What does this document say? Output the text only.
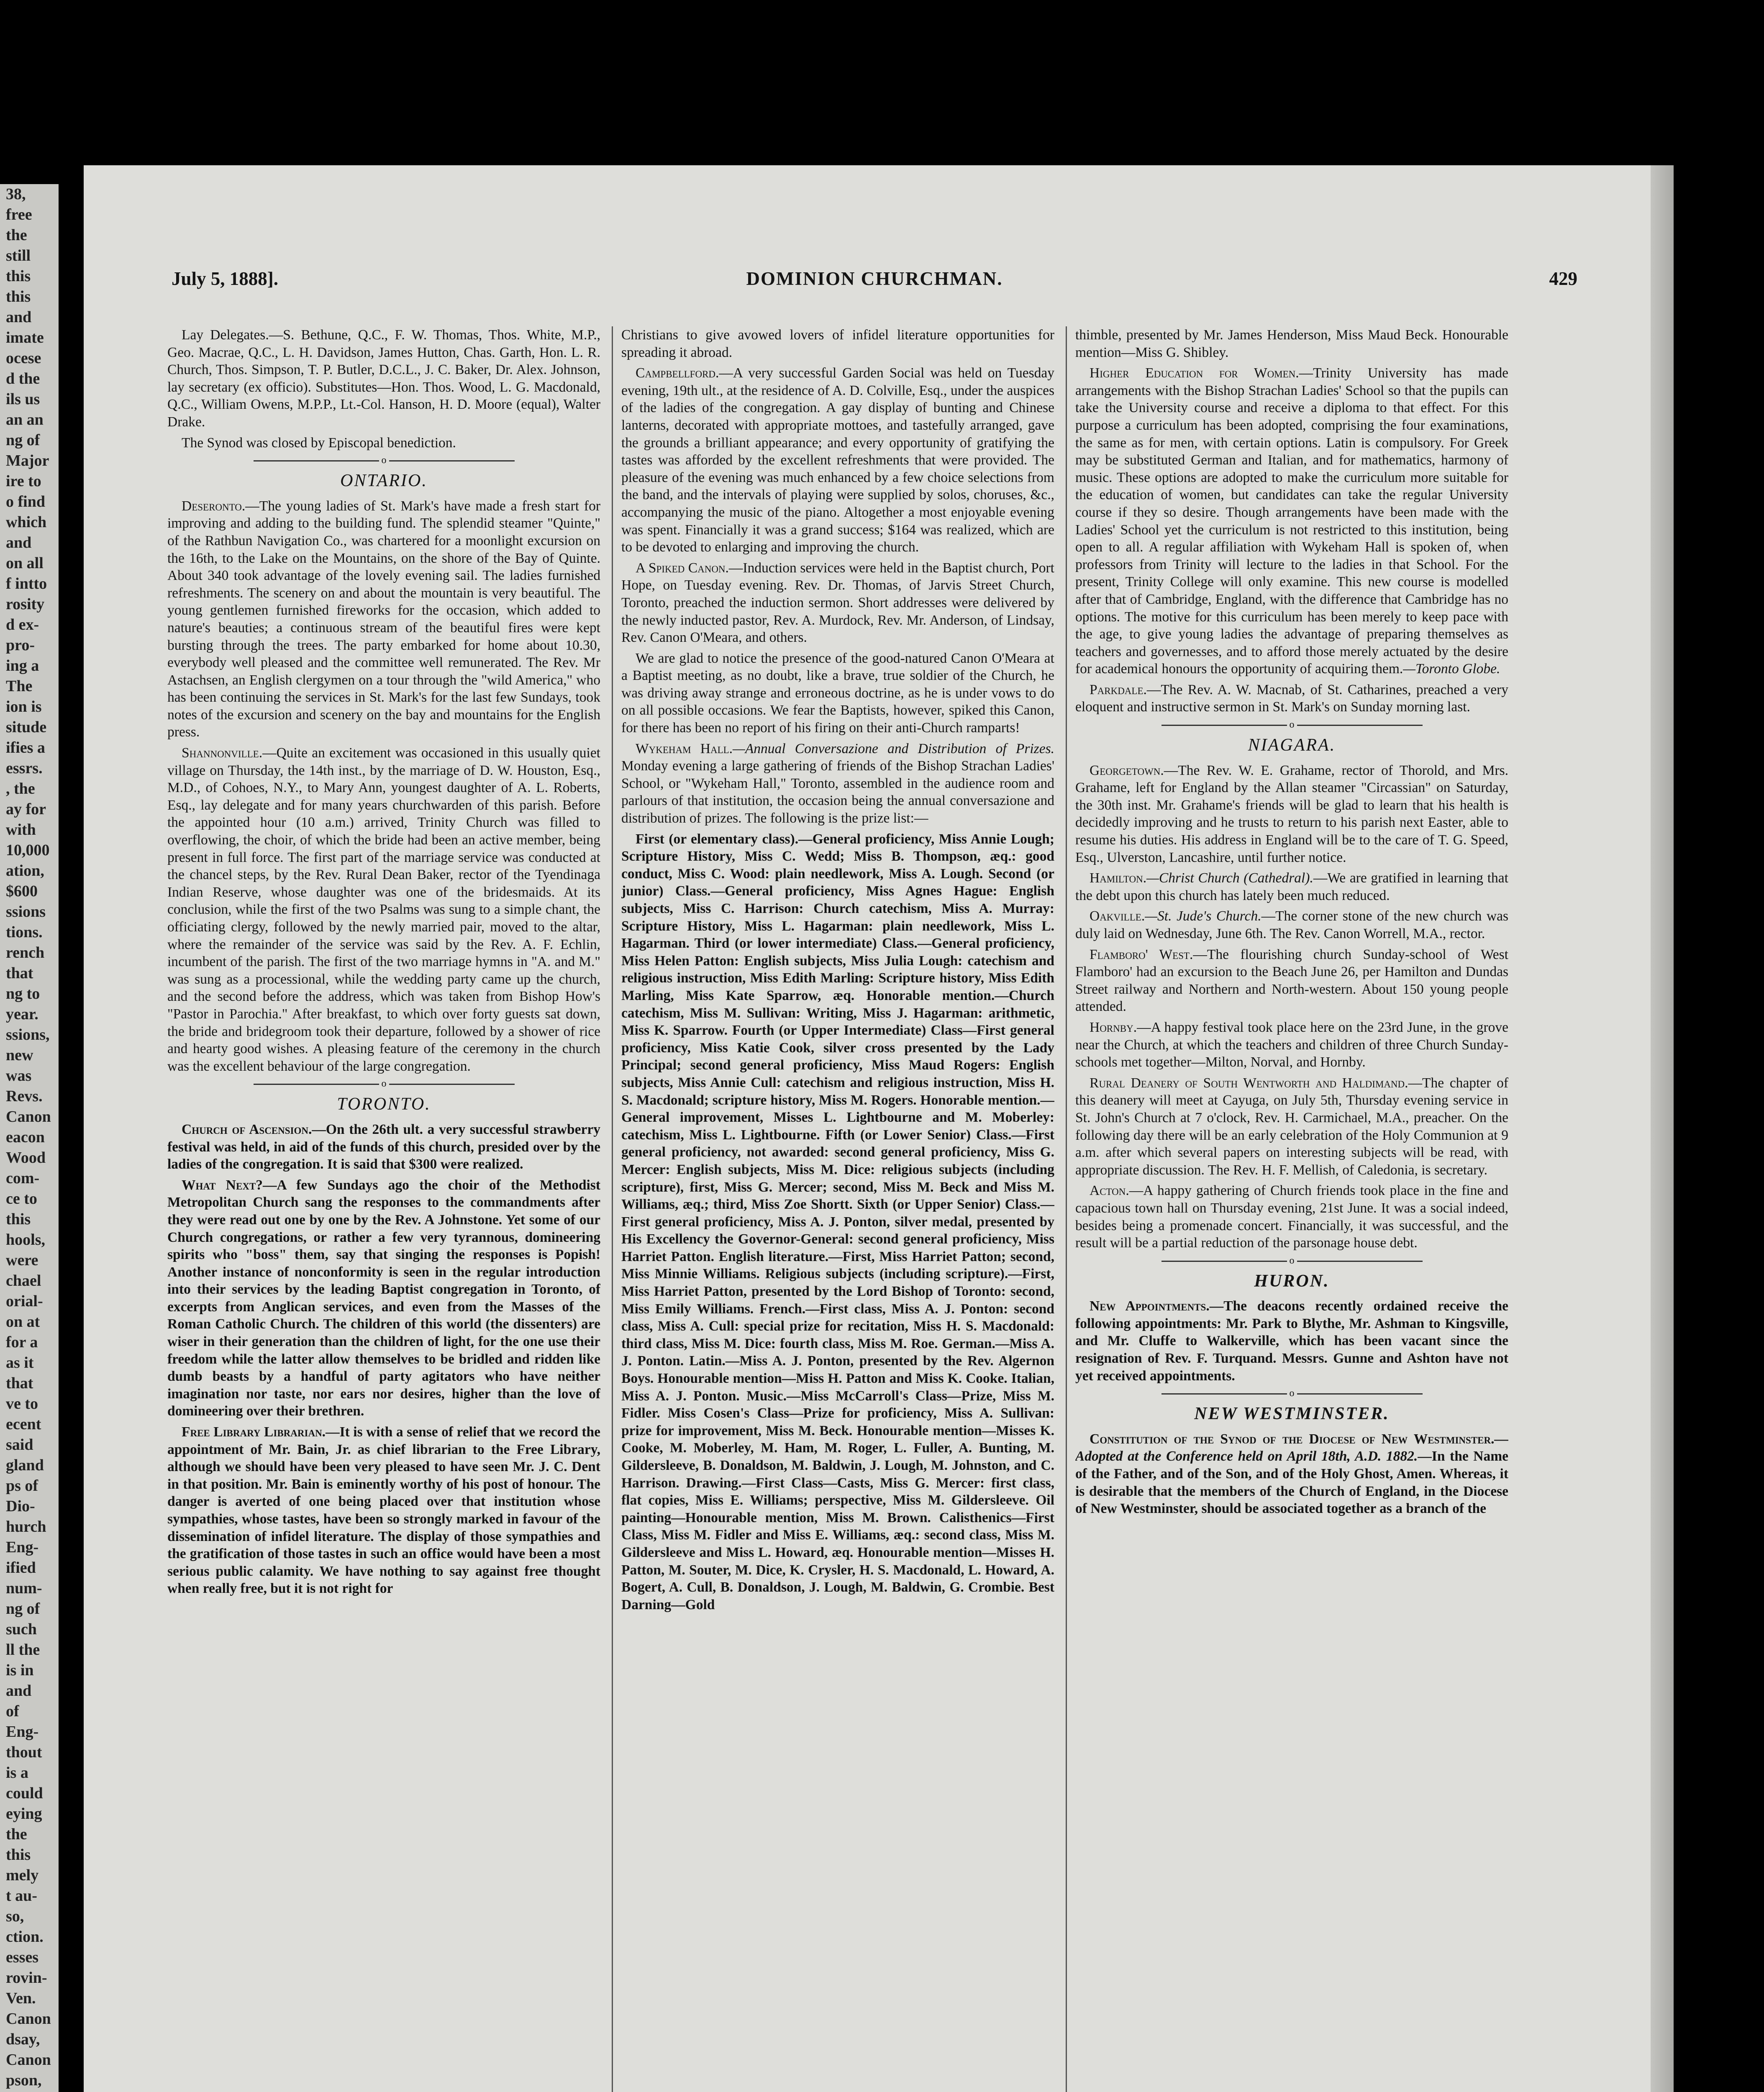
38,
free
the
still
this
this
and
imate
ocese
d the
ils us
an an
ng of
Major
ire to
o find
which
and
on all
f intto
rosity
d ex-
pro-
ing a
The
ion is
situde
ifies a
essrs.
, the
ay for
with
10,000
ation,
$600
ssions
tions.
rench
that
ng to
year.
ssions,
new
was
Revs.
Canon
eacon
Wood
com-
ce to
this
hools,
were
chael
orial-
on at
for a
as it
that
ve to
ecent
said
gland
ps of
Dio-
hurch
Eng-
ified
num-
ng of
such
ll the
is in
and
of
Eng-
thout
is a
could
eying
the
this
mely
t au-
so,
ction.
esses
rovin-
Ven.
Canon
dsay,
Canon
pson,
July 5, 1888].	DOMINION CHURCHMAN.	429

Lay Delegates.—S. Bethune, Q.C., F. W. Thomas, Thos. White, M.P., Geo. Macrae, Q.C., L. H. Davidson, James Hutton, Chas. Garth, Hon. L. R. Church, Thos. Simpson, T. P. Butler, D.C.L., J. C. Baker, Dr. Alex. Johnson, lay secretary (ex officio). Substitutes—Hon. Thos. Wood, L. G. Macdonald, Q.C., William Owens, M.P.P., Lt.-Col. Hanson, H. D. Moore (equal), Walter Drake.

The Synod was closed by Episcopal benediction.

o
ONTARIO.

Deseronto.—The young ladies of St. Mark's have made a fresh start for improving and adding to the building fund. The splendid steamer "Quinte," of the Rathbun Navigation Co., was chartered for a moonlight excursion on the 16th, to the Lake on the Mountains, on the shore of the Bay of Quinte. About 340 took advantage of the lovely evening sail. The ladies furnished refreshments. The scenery on and about the mountain is very beautiful. The young gentlemen furnished fireworks for the occasion, which added to nature's beauties; a continuous stream of the beautiful fires were kept bursting through the trees. The party embarked for home about 10.30, everybody well pleased and the committee well remunerated. The Rev. Mr Astachsen, an English clergymen on a tour through the "wild America," who has been continuing the services in St. Mark's for the last few Sundays, took notes of the excursion and scenery on the bay and mountains for the English press.

Shannonville.—Quite an excitement was occasioned in this usually quiet village on Thursday, the 14th inst., by the marriage of D. W. Houston, Esq., M.D., of Cohoes, N.Y., to Mary Ann, youngest daughter of A. L. Roberts, Esq., lay delegate and for many years churchwarden of this parish. Before the appointed hour (10 a.m.) arrived, Trinity Church was filled to overflowing, the choir, of which the bride had been an active member, being present in full force. The first part of the marriage service was conducted at the chancel steps, by the Rev. Rural Dean Baker, rector of the Tyendinaga Indian Reserve, whose daughter was one of the bridesmaids. At its conclusion, while the first of the two Psalms was sung to a simple chant, the officiating clergy, followed by the newly married pair, moved to the altar, where the remainder of the service was said by the Rev. A. F. Echlin, incumbent of the parish. The first of the two marriage hymns in "A. and M." was sung as a processional, while the wedding party came up the church, and the second before the address, which was taken from Bishop How's "Pastor in Parochia." After breakfast, to which over forty guests sat down, the bride and bridegroom took their departure, followed by a shower of rice and hearty good wishes. A pleasing feature of the ceremony in the church was the excellent behaviour of the large congregation.

o
TORONTO.

Church of Ascension.—On the 26th ult. a very successful strawberry festival was held, in aid of the funds of this church, presided over by the ladies of the congregation. It is said that $300 were realized.

What Next?—A few Sundays ago the choir of the Methodist Metropolitan Church sang the responses to the commandments after they were read out one by one by the Rev. A Johnstone. Yet some of our Church congregations, or rather a few very tyrannous, domineering spirits who "boss" them, say that singing the responses is Popish! Another instance of nonconformity is seen in the regular introduction into their services by the leading Baptist congregation in Toronto, of excerpts from Anglican services, and even from the Masses of the Roman Catholic Church. The children of this world (the dissenters) are wiser in their generation than the children of light, for the one use their freedom while the latter allow themselves to be bridled and ridden like dumb beasts by a handful of party agitators who have neither imagination nor taste, nor ears nor desires, higher than the love of domineering over their brethren.

Free Library Librarian.—It is with a sense of relief that we record the appointment of Mr. Bain, Jr. as chief librarian to the Free Library, although we should have been very pleased to have seen Mr. J. C. Dent in that position. Mr. Bain is eminently worthy of his post of honour. The danger is averted of one being placed over that institution whose sympathies, whose tastes, have been so strongly marked in favour of the dissemination of infidel literature. The display of those sympathies and the gratification of those tastes in such an office would have been a most serious public calamity. We have nothing to say against free thought when really free, but it is not right for

Christians to give avowed lovers of infidel literature opportunities for spreading it abroad.

Campbellford.—A very successful Garden Social was held on Tuesday evening, 19th ult., at the residence of A. D. Colville, Esq., under the auspices of the ladies of the congregation. A gay display of bunting and Chinese lanterns, decorated with appropriate mottoes, and tastefully arranged, gave the grounds a brilliant appearance; and every opportunity of gratifying the tastes was afforded by the excellent refreshments that were provided. The pleasure of the evening was much enhanced by a few choice selections from the band, and the intervals of playing were supplied by solos, choruses, &c., accompanying the music of the piano. Altogether a most enjoyable evening was spent. Financially it was a grand success; $164 was realized, which are to be devoted to enlarging and improving the church.

A Spiked Canon.—Induction services were held in the Baptist church, Port Hope, on Tuesday evening. Rev. Dr. Thomas, of Jarvis Street Church, Toronto, preached the induction sermon. Short addresses were delivered by the newly inducted pastor, Rev. A. Murdock, Rev. Mr. Anderson, of Lindsay, Rev. Canon O'Meara, and others.

We are glad to notice the presence of the good-natured Canon O'Meara at a Baptist meeting, as no doubt, like a brave, true soldier of the Church, he was driving away strange and erroneous doctrine, as he is under vows to do on all possible occasions. We fear the Baptists, however, spiked this Canon, for there has been no report of his firing on their anti-Church ramparts!

Wykeham Hall.—Annual Conversazione and Distribution of Prizes. Monday evening a large gathering of friends of the Bishop Strachan Ladies' School, or "Wykeham Hall," Toronto, assembled in the audience room and parlours of that institution, the occasion being the annual conversazione and distribution of prizes. The following is the prize list:—

First (or elementary class).—General proficiency, Miss Annie Lough; Scripture History, Miss C. Wedd; Miss B. Thompson, æq.: good conduct, Miss C. Wood: plain needlework, Miss A. Lough. Second (or junior) Class.—General proficiency, Miss Agnes Hague: English subjects, Miss C. Harrison: Church catechism, Miss A. Murray: Scripture History, Miss L. Hagarman: plain needlework, Miss L. Hagarman. Third (or lower intermediate) Class.—General proficiency, Miss Helen Patton: English subjects, Miss Julia Lough: catechism and religious instruction, Miss Edith Marling: Scripture history, Miss Edith Marling, Miss Kate Sparrow, æq. Honorable mention.—Church catechism, Miss M. Sullivan: Writing, Miss J. Hagarman: arithmetic, Miss K. Sparrow. Fourth (or Upper Intermediate) Class—First general proficiency, Miss Katie Cook, silver cross presented by the Lady Principal; second general proficiency, Miss Maud Rogers: English subjects, Miss Annie Cull: catechism and religious instruction, Miss H. S. Macdonald; scripture history, Miss M. Rogers. Honorable mention.—General improvement, Misses L. Lightbourne and M. Moberley: catechism, Miss L. Lightbourne. Fifth (or Lower Senior) Class.—First general proficiency, not awarded: second general proficiency, Miss G. Mercer: English subjects, Miss M. Dice: religious subjects (including scripture), first, Miss G. Mercer; second, Miss M. Beck and Miss M. Williams, æq.; third, Miss Zoe Shortt. Sixth (or Upper Senior) Class.—First general proficiency, Miss A. J. Ponton, silver medal, presented by His Excellency the Governor-General: second general proficiency, Miss Harriet Patton. English literature.—First, Miss Harriet Patton; second, Miss Minnie Williams. Religious subjects (including scripture).—First, Miss Harriet Patton, presented by the Lord Bishop of Toronto: second, Miss Emily Williams. French.—First class, Miss A. J. Ponton: second class, Miss A. Cull: special prize for recitation, Miss H. S. Macdonald: third class, Miss M. Dice: fourth class, Miss M. Roe. German.—Miss A. J. Ponton. Latin.—Miss A. J. Ponton, presented by the Rev. Algernon Boys. Honourable mention—Miss H. Patton and Miss K. Cooke. Italian, Miss A. J. Ponton. Music.—Miss McCarroll's Class—Prize, Miss M. Fidler. Miss Cosen's Class—Prize for proficiency, Miss A. Sullivan: prize for improvement, Miss M. Beck. Honourable mention—Misses K. Cooke, M. Moberley, M. Ham, M. Roger, L. Fuller, A. Bunting, M. Gildersleeve, B. Donaldson, M. Baldwin, J. Lough, M. Johnston, and C. Harrison. Drawing.—First Class—Casts, Miss G. Mercer: first class, flat copies, Miss E. Williams; perspective, Miss M. Gildersleeve. Oil painting—Honourable mention, Miss M. Brown. Calisthenics—First Class, Miss M. Fidler and Miss E. Williams, æq.: second class, Miss M. Gildersleeve and Miss L. Howard, æq. Honourable mention—Misses H. Patton, M. Souter, M. Dice, K. Crysler, H. S. Macdonald, L. Howard, A. Bogert, A. Cull, B. Donaldson, J. Lough, M. Baldwin, G. Crombie. Best Darning—Gold

thimble, presented by Mr. James Henderson, Miss Maud Beck. Honourable mention—Miss G. Shibley.

Higher Education for Women.—Trinity University has made arrangements with the Bishop Strachan Ladies' School so that the pupils can take the University course and receive a diploma to that effect. For this purpose a curriculum has been adopted, comprising the four examinations, the same as for men, with certain options. Latin is compulsory. For Greek may be substituted German and Italian, and for mathematics, harmony of music. These options are adopted to make the curriculum more suitable for the education of women, but candidates can take the regular University course if they so desire. Though arrangements have been made with the Ladies' School yet the curriculum is not restricted to this institution, being open to all. A regular affiliation with Wykeham Hall is spoken of, when professors from Trinity will lecture to the ladies in that School. For the present, Trinity College will only examine. This new course is modelled after that of Cambridge, England, with the difference that Cambridge has no options. The motive for this curriculum has been merely to keep pace with the age, to give young ladies the advantage of preparing themselves as teachers and governesses, and to afford those merely actuated by the desire for academical honours the opportunity of acquiring them.—Toronto Globe.

Parkdale.—The Rev. A. W. Macnab, of St. Catharines, preached a very eloquent and instructive sermon in St. Mark's on Sunday morning last.

o
NIAGARA.

Georgetown.—The Rev. W. E. Grahame, rector of Thorold, and Mrs. Grahame, left for England by the Allan steamer "Circassian" on Saturday, the 30th inst. Mr. Grahame's friends will be glad to learn that his health is decidedly improving and he trusts to return to his parish next Easter, able to resume his duties. His address in England will be to the care of T. G. Speed, Esq., Ulverston, Lancashire, until further notice.

Hamilton.—Christ Church (Cathedral).—We are gratified in learning that the debt upon this church has lately been much reduced.

Oakville.—St. Jude's Church.—The corner stone of the new church was duly laid on Wednesday, June 6th. The Rev. Canon Worrell, M.A., rector.

Flamboro' West.—The flourishing church Sunday-school of West Flamboro' had an excursion to the Beach June 26, per Hamilton and Dundas Street railway and Northern and North-western. About 150 young people attended.

Hornby.—A happy festival took place here on the 23rd June, in the grove near the Church, at which the teachers and children of three Church Sunday-schools met together—Milton, Norval, and Hornby.

Rural Deanery of South Wentworth and Haldimand.—The chapter of this deanery will meet at Cayuga, on July 5th, Thursday evening service in St. John's Church at 7 o'clock, Rev. H. Carmichael, M.A., preacher. On the following day there will be an early celebration of the Holy Communion at 9 a.m. after which several papers on interesting subjects will be read, with appropriate discussion. The Rev. H. F. Mellish, of Caledonia, is secretary.

Acton.—A happy gathering of Church friends took place in the fine and capacious town hall on Thursday evening, 21st June. It was a social indeed, besides being a promenade concert. Financially, it was successful, and the result will be a partial reduction of the parsonage house debt.

o
HURON.

New Appointments.—The deacons recently ordained receive the following appointments: Mr. Park to Blythe, Mr. Ashman to Kingsville, and Mr. Cluffe to Walkerville, which has been vacant since the resignation of Rev. F. Turquand. Messrs. Gunne and Ashton have not yet received appointments.

o
NEW WESTMINSTER.

Constitution of the Synod of the Diocese of New Westminster.—Adopted at the Conference held on April 18th, A.D. 1882.—In the Name of the Father, and of the Son, and of the Holy Ghost, Amen. Whereas, it is desirable that the members of the Church of England, in the Diocese of New Westminster, should be associated together as a branch of the
